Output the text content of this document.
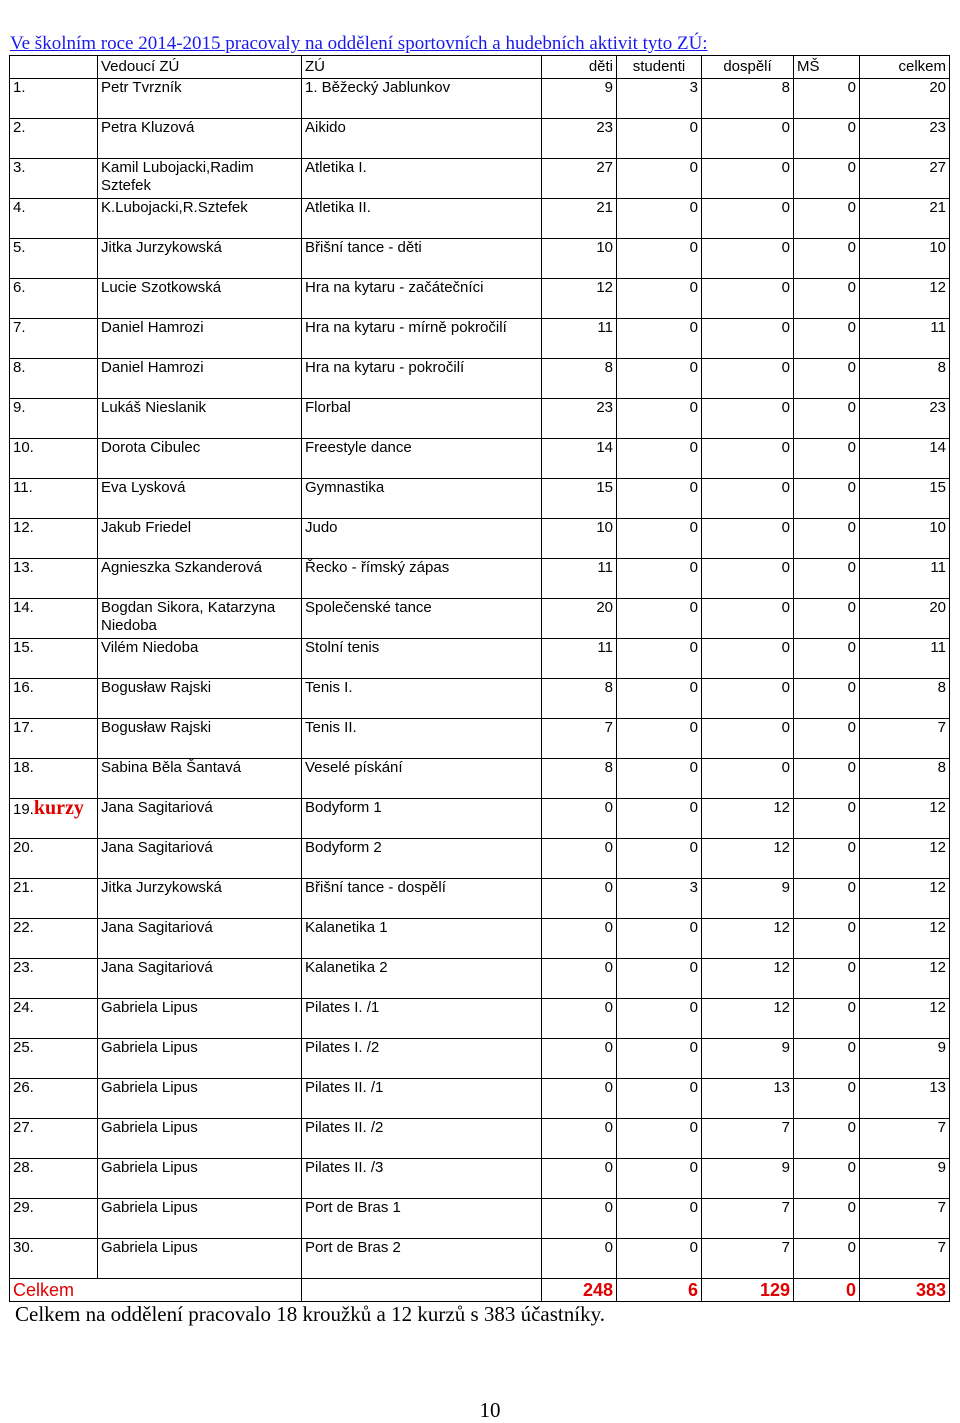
Ve školním roce 2014-2015 pracovaly na oddělení sportovních a hudebních aktivit tyto ZÚ:
	Vedoucí ZÚ	ZÚ	děti	studenti	dospělí	MŠ	celkem
1.	Petr Tvrzník	1. Běžecký Jablunkov	9	3	8	0	20
2.	Petra Kluzová	Aikido	23	0	0	0	23
3.	Kamil Lubojacki,Radim Sztefek	Atletika I.	27	0	0	0	27
4.	K.Lubojacki,R.Sztefek	Atletika II.	21	0	0	0	21
5.	Jitka Jurzykowská	Břišní tance - děti	10	0	0	0	10
6.	Lucie Szotkowská	Hra na kytaru - začátečníci	12	0	0	0	12
7.	Daniel Hamrozi	Hra na kytaru - mírně pokročilí	11	0	0	0	11
8.	Daniel Hamrozi	Hra na kytaru - pokročilí	8	0	0	0	8
9.	Lukáš Nieslanik	Florbal	23	0	0	0	23
10.	Dorota Cibulec	Freestyle dance	14	0	0	0	14
11.	Eva Lysková	Gymnastika	15	0	0	0	15
12.	Jakub Friedel	Judo	10	0	0	0	10
13.	Agnieszka Szkanderová	Řecko - římský zápas	11	0	0	0	11
14.	Bogdan Sikora, Katarzyna Niedoba	Společenské tance	20	0	0	0	20
15.	Vilém Niedoba	Stolní tenis	11	0	0	0	11
16.	Bogusław Rajski	Tenis I.	8	0	0	0	8
17.	Bogusław Rajski	Tenis II.	7	0	0	0	7
18.	Sabina Běla Šantavá	Veselé pískání	8	0	0	0	8
19.kurzy	Jana Sagitariová	Bodyform 1	0	0	12	0	12
20.	Jana Sagitariová	Bodyform 2	0	0	12	0	12
21.	Jitka Jurzykowská	Břišní tance - dospělí	0	3	9	0	12
22.	Jana Sagitariová	Kalanetika 1	0	0	12	0	12
23.	Jana Sagitariová	Kalanetika 2	0	0	12	0	12
24.	Gabriela Lipus	Pilates I. /1	0	0	12	0	12
25.	Gabriela Lipus	Pilates I. /2	0	0	9	0	9
26.	Gabriela Lipus	Pilates II. /1	0	0	13	0	13
27.	Gabriela Lipus	Pilates II. /2	0	0	7	0	7
28.	Gabriela Lipus	Pilates II. /3	0	0	9	0	9
29.	Gabriela Lipus	Port de Bras 1	0	0	7	0	7
30.	Gabriela Lipus	Port de Bras 2	0	0	7	0	7
Celkem			248	6	129	0	383
Celkem na oddělení pracovalo 18 kroužků a 12 kurzů s 383 účastníky.
10
